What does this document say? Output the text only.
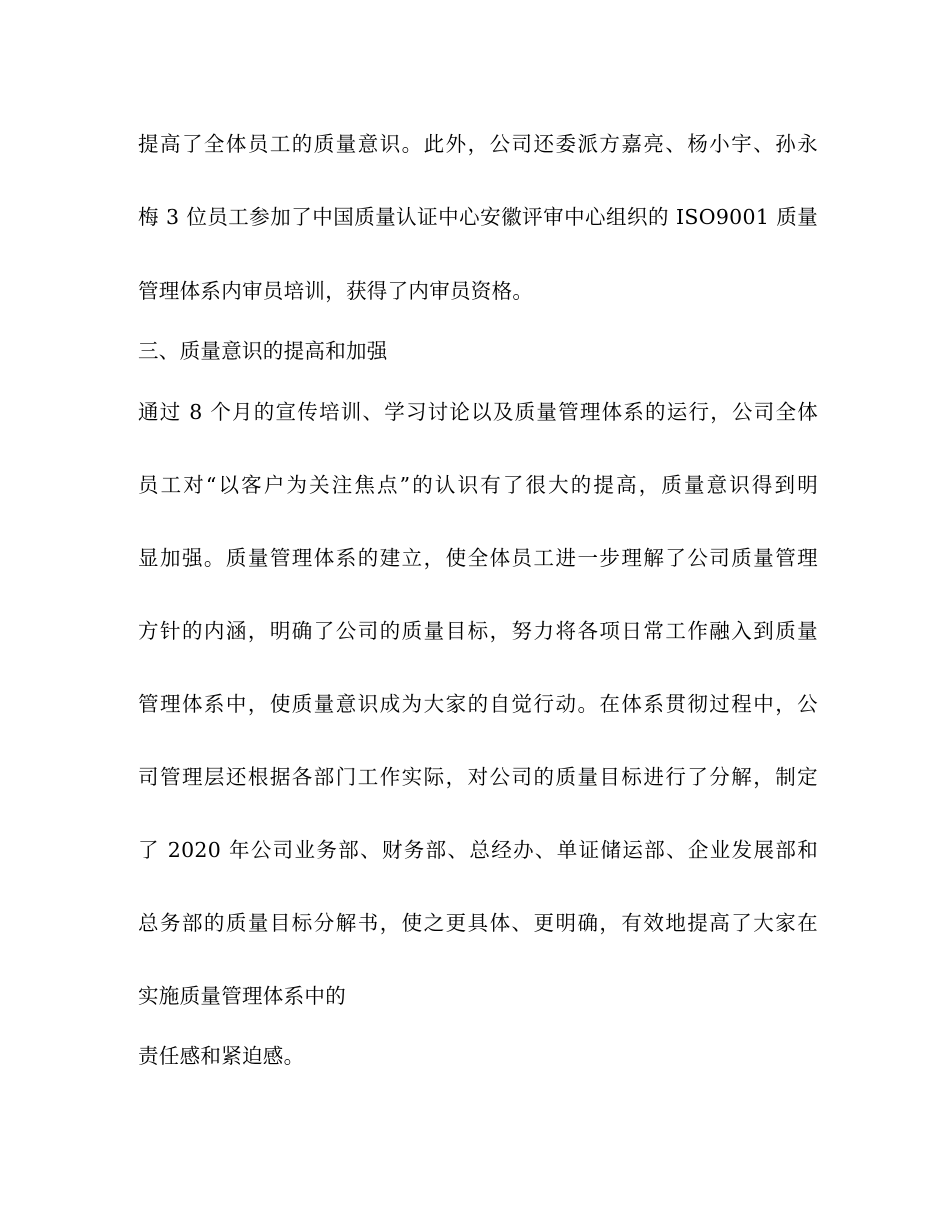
提高了全体员工的质量意识。此外，公司还委派方嘉亮、杨小宇、孙永
梅 3 位员工参加了中国质量认证中心安徽评审中心组织的 ISO9001 质量
管理体系内审员培训，获得了内审员资格。
三、质量意识的提高和加强
通过 8 个月的宣传培训、学习讨论以及质量管理体系的运行，公司全体
员工对“以客户为关注焦点”的认识有了很大的提高，质量意识得到明
显加强。质量管理体系的建立，使全体员工进一步理解了公司质量管理
方针的内涵，明确了公司的质量目标，努力将各项日常工作融入到质量
管理体系中，使质量意识成为大家的自觉行动。在体系贯彻过程中，公
司管理层还根据各部门工作实际，对公司的质量目标进行了分解，制定
了 2020 年公司业务部、财务部、总经办、单证储运部、企业发展部和
总务部的质量目标分解书，使之更具体、更明确，有效地提高了大家在
实施质量管理体系中的
责任感和紧迫感。
